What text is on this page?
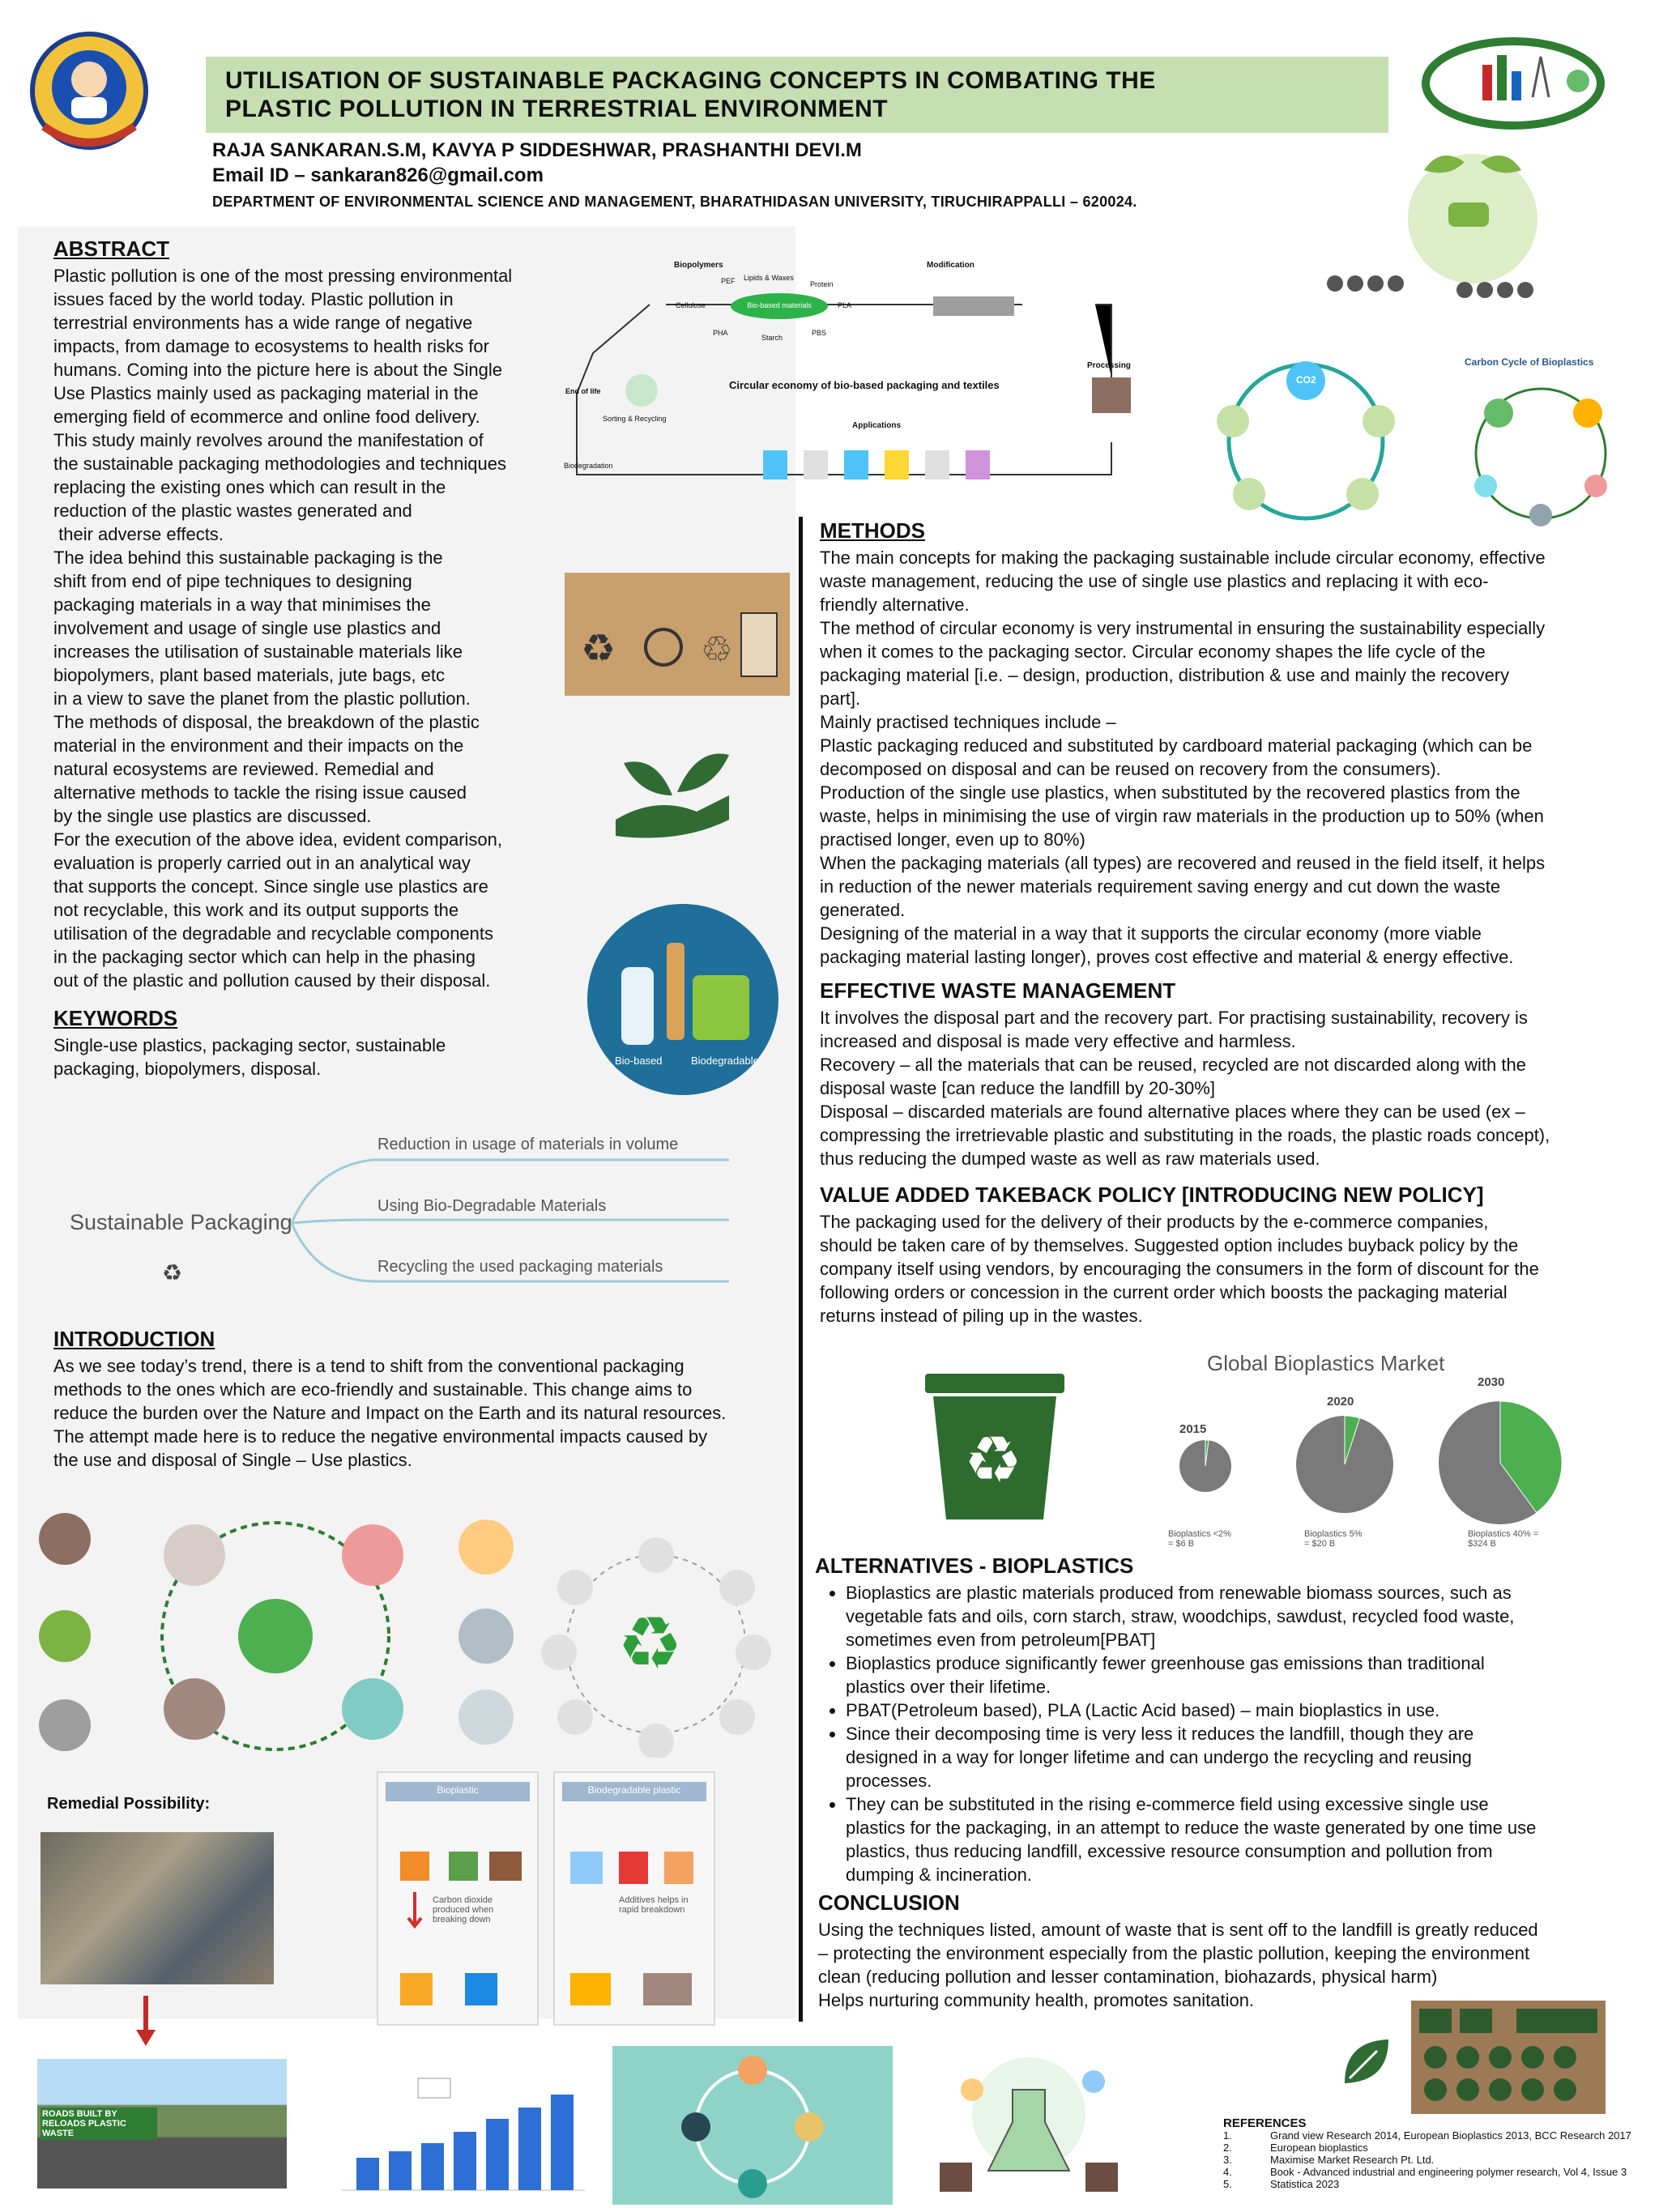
UTILISATION OF SUSTAINABLE PACKAGING CONCEPTS IN COMBATING THE
PLASTIC POLLUTION IN TERRESTRIAL ENVIRONMENT
RAJA SANKARAN.S.M, KAVYA P SIDDESHWAR, PRASHANTHI DEVI.M
Email ID – sankaran826@gmail.com
DEPARTMENT OF ENVIRONMENTAL SCIENCE AND MANAGEMENT, BHARATHIDASAN UNIVERSITY, TIRUCHIRAPPALLI – 620024.
ABSTRACT
Plastic pollution is one of the most pressing environmental
issues faced by the world today. Plastic pollution in
terrestrial environments has a wide range of negative
impacts, from damage to ecosystems to health risks for
humans. Coming into the picture here is about the Single
Use Plastics mainly used as packaging material in the
emerging field of ecommerce and online food delivery.
This study mainly revolves around the manifestation of
the sustainable packaging methodologies and techniques
replacing the existing ones which can result in the
reduction of the plastic wastes generated and
their adverse effects.
The idea behind this sustainable packaging is the
shift from end of pipe techniques to designing
packaging materials in a way that minimises the
involvement and usage of single use plastics and
increases the utilisation of sustainable materials like
biopolymers, plant based materials, jute bags, etc
in a view to save the planet from the plastic pollution.
The methods of disposal, the breakdown of the plastic
material in the environment and their impacts on the
natural ecosystems are reviewed. Remedial and
alternative methods to tackle the rising issue caused
by the single use plastics are discussed.
For the execution of the above idea, evident comparison,
evaluation is properly carried out in an analytical way
that supports the concept. Since single use plastics are
not recyclable, this work and its output supports the
utilisation of the degradable and recyclable components
in the packaging sector which can help in the phasing
out of the plastic and pollution caused by their disposal.
KEYWORDS
Single-use plastics, packaging sector, sustainable
packaging, biopolymers, disposal.
♻ ♲
Bio-based	Biodegradable
Sustainable Packaging
Reduction in usage of materials in volume
Using Bio-Degradable Materials
Recycling the used packaging materials
♻
INTRODUCTION
As we see today’s trend, there is a tend to shift from the conventional packaging
methods to the ones which are eco-friendly and sustainable. This change aims to
reduce the burden over the Nature and Impact on the Earth and its natural resources.
The attempt made here is to reduce the negative environmental impacts caused by
the use and disposal of Single – Use plastics.
♻
Remedial Possibility:
ROADS BUILT BY RELOADS PLASTIC WASTE
Bioplastic	Biodegradable plastic
Carbon dioxide produced when breaking down
Additives helps in rapid breakdown
Circular economy of bio-based packaging and textiles
Biopolymers	Modification
Processing
Applications
End of life
Sorting & Recycling
Biodegradation
Bio-based materials	PLA
Cellulose
Lipids & Waxes
Protein
Starch
PHA	PBS
PEF
CO2
Carbon Cycle of Bioplastics
METHODS
The main concepts for making the packaging sustainable include circular economy, effective
waste management, reducing the use of single use plastics and replacing it with eco-
friendly alternative.
The method of circular economy is very instrumental in ensuring the sustainability especially
when it comes to the packaging sector. Circular economy shapes the life cycle of the
packaging material [i.e. – design, production, distribution & use and mainly the recovery
part].
Mainly practised techniques include –
Plastic packaging reduced and substituted by cardboard material packaging (which can be
decomposed on disposal and can be reused on recovery from the consumers).
Production of the single use plastics, when substituted by the recovered plastics from the
waste, helps in minimising the use of virgin raw materials in the production up to 50% (when
practised longer, even up to 80%)
When the packaging materials (all types) are recovered and reused in the field itself, it helps
in reduction of the newer materials requirement saving energy and cut down the waste
generated.
Designing of the material in a way that it supports the circular economy (more viable
packaging material lasting longer), proves cost effective and material & energy effective.
EFFECTIVE WASTE MANAGEMENT
It involves the disposal part and the recovery part. For practising sustainability, recovery is
increased and disposal is made very effective and harmless.
Recovery – all the materials that can be reused, recycled are not discarded along with the
disposal waste [can reduce the landfill by 20-30%]
Disposal – discarded materials are found alternative places where they can be used (ex –
compressing the irretrievable plastic and substituting in the roads, the plastic roads concept),
thus reducing the dumped waste as well as raw materials used.
VALUE ADDED TAKEBACK POLICY [INTRODUCING NEW POLICY]
The packaging used for the delivery of their products by the e-commerce companies,
should be taken care of by themselves. Suggested option includes buyback policy by the
company itself using vendors, by encouraging the consumers in the form of discount for the
following orders or concession in the current order which boosts the packaging material
returns instead of piling up in the wastes.
♻
Global Bioplastics Market
2015
2020
2030
Bioplastics <2% = $6 B
Bioplastics 5% = $20 B
Bioplastics 40% = $324 B
ALTERNATIVES - BIOPLASTICS
• Bioplastics are plastic materials produced from renewable biomass sources, such as
vegetable fats and oils, corn starch, straw, woodchips, sawdust, recycled food waste,
sometimes even from petroleum[PBAT]
• Bioplastics produce significantly fewer greenhouse gas emissions than traditional
plastics over their lifetime.
• PBAT(Petroleum based), PLA (Lactic Acid based) – main bioplastics in use.
• Since their decomposing time is very less it reduces the landfill, though they are
designed in a way for longer lifetime and can undergo the recycling and reusing
processes.
• They can be substituted in the rising e-commerce field using excessive single use
plastics for the packaging, in an attempt to reduce the waste generated by one time use
plastics, thus reducing landfill, excessive resource consumption and pollution from
dumping & incineration.
CONCLUSION
Using the techniques listed, amount of waste that is sent off to the landfill is greatly reduced
– protecting the environment especially from the plastic pollution, keeping the environment
clean (reducing pollution and lesser contamination, biohazards, physical harm)
Helps nurturing community health, promotes sanitation.
REFERENCES
1.	Grand view Research 2014, European Bioplastics 2013, BCC Research 2017
2.	European bioplastics
3.	Maximise Market Research Pt. Ltd.
4.	Book - Advanced industrial and engineering polymer research, Vol 4, Issue 3
5.	Statistica 2023
